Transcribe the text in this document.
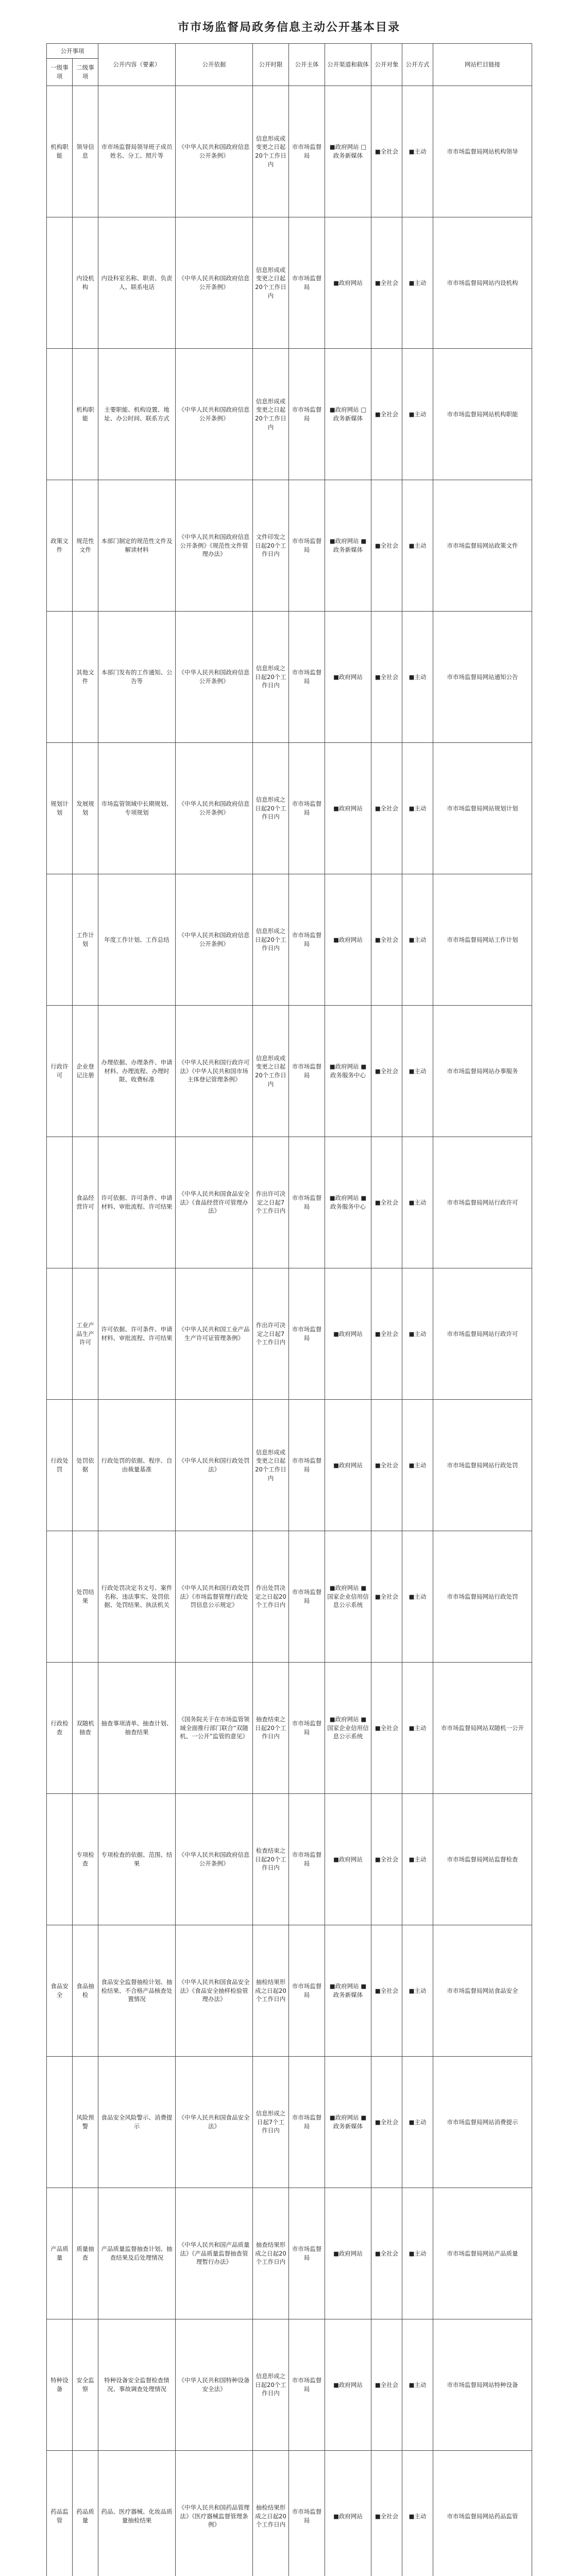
市市场监督局政务信息主动公开基本目录
公开事项		公开内容（要素）	公开依据	公开时限	公开主体	公开渠道和载体	公开对象	公开方式	网站栏目链接
一级事项	二级事项								
机构职能	领导信息	市市场监督局领导班子成员姓名、分工、照片等	《中华人民共和国政府信息公开条例》	信息形成或变更之日起20个工作日内	市市场监督局	■政府网站 □政务新媒体	■全社会	■主动	市市场监督局网站机构领导
	内设机构	内设科室名称、职责、负责人、联系电话	《中华人民共和国政府信息公开条例》	信息形成或变更之日起20个工作日内	市市场监督局	■政府网站	■全社会	■主动	市市场监督局网站内设机构
	机构职能	主要职能、机构设置、地址、办公时间、联系方式	《中华人民共和国政府信息公开条例》	信息形成或变更之日起20个工作日内	市市场监督局	■政府网站 □政务新媒体	■全社会	■主动	市市场监督局网站机构职能
政策文件	规范性文件	本部门制定的规范性文件及解读材料	《中华人民共和国政府信息公开条例》《规范性文件管理办法》	文件印发之日起20个工作日内	市市场监督局	■政府网站 ■政务新媒体	■全社会	■主动	市市场监督局网站政策文件
	其他文件	本部门发布的工作通知、公告等	《中华人民共和国政府信息公开条例》	信息形成之日起20个工作日内	市市场监督局	■政府网站	■全社会	■主动	市市场监督局网站通知公告
规划计划	发展规划	市场监管领域中长期规划、专项规划	《中华人民共和国政府信息公开条例》	信息形成之日起20个工作日内	市市场监督局	■政府网站	■全社会	■主动	市市场监督局网站规划计划
	工作计划	年度工作计划、工作总结	《中华人民共和国政府信息公开条例》	信息形成之日起20个工作日内	市市场监督局	■政府网站	■全社会	■主动	市市场监督局网站工作计划
行政许可	企业登记注册	办理依据、办理条件、申请材料、办理流程、办理时限、收费标准	《中华人民共和国行政许可法》《中华人民共和国市场主体登记管理条例》	信息形成或变更之日起20个工作日内	市市场监督局	■政府网站 ■政务服务中心	■全社会	■主动	市市场监督局网站办事服务
	食品经营许可	许可依据、许可条件、申请材料、审批流程、许可结果	《中华人民共和国食品安全法》《食品经营许可管理办法》	作出许可决定之日起7个工作日内	市市场监督局	■政府网站 ■政务服务中心	■全社会	■主动	市市场监督局网站行政许可
	工业产品生产许可	许可依据、许可条件、申请材料、审批流程、许可结果	《中华人民共和国工业产品生产许可证管理条例》	作出许可决定之日起7个工作日内	市市场监督局	■政府网站	■全社会	■主动	市市场监督局网站行政许可
行政处罚	处罚依据	行政处罚的依据、程序、自由裁量基准	《中华人民共和国行政处罚法》	信息形成或变更之日起20个工作日内	市市场监督局	■政府网站	■全社会	■主动	市市场监督局网站行政处罚
	处罚结果	行政处罚决定书文号、案件名称、违法事实、处罚依据、处罚结果、执法机关	《中华人民共和国行政处罚法》《市场监督管理行政处罚信息公示规定》	作出处罚决定之日起20个工作日内	市市场监督局	■政府网站 ■国家企业信用信息公示系统	■全社会	■主动	市市场监督局网站行政处罚
行政检查	双随机抽查	抽查事项清单、抽查计划、抽查结果	《国务院关于在市场监管领域全面推行部门联合“双随机、一公开”监管的意见》	抽查结束之日起20个工作日内	市市场监督局	■政府网站 ■国家企业信用信息公示系统	■全社会	■主动	市市场监督局网站双随机一公开
	专项检查	专项检查的依据、范围、结果	《中华人民共和国政府信息公开条例》	检查结束之日起20个工作日内	市市场监督局	■政府网站	■全社会	■主动	市市场监督局网站监督检查
食品安全	食品抽检	食品安全监督抽检计划、抽检结果、不合格产品核查处置情况	《中华人民共和国食品安全法》《食品安全抽样检验管理办法》	抽检结果形成之日起20个工作日内	市市场监督局	■政府网站 ■政务新媒体	■全社会	■主动	市市场监督局网站食品安全
	风险预警	食品安全风险警示、消费提示	《中华人民共和国食品安全法》	信息形成之日起7个工作日内	市市场监督局	■政府网站 ■政务新媒体	■全社会	■主动	市市场监督局网站消费提示
产品质量	质量抽查	产品质量监督抽查计划、抽查结果及后处理情况	《中华人民共和国产品质量法》《产品质量监督抽查管理暂行办法》	抽查结果形成之日起20个工作日内	市市场监督局	■政府网站	■全社会	■主动	市市场监督局网站产品质量
特种设备	安全监察	特种设备安全监督检查情况、事故调查处理情况	《中华人民共和国特种设备安全法》	信息形成之日起20个工作日内	市市场监督局	■政府网站	■全社会	■主动	市市场监督局网站特种设备
药品监管	药品质量	药品、医疗器械、化妆品质量抽检结果	《中华人民共和国药品管理法》《医疗器械监督管理条例》	抽检结果形成之日起20个工作日内	市市场监督局	■政府网站	■全社会	■主动	市市场监督局网站药品监管
